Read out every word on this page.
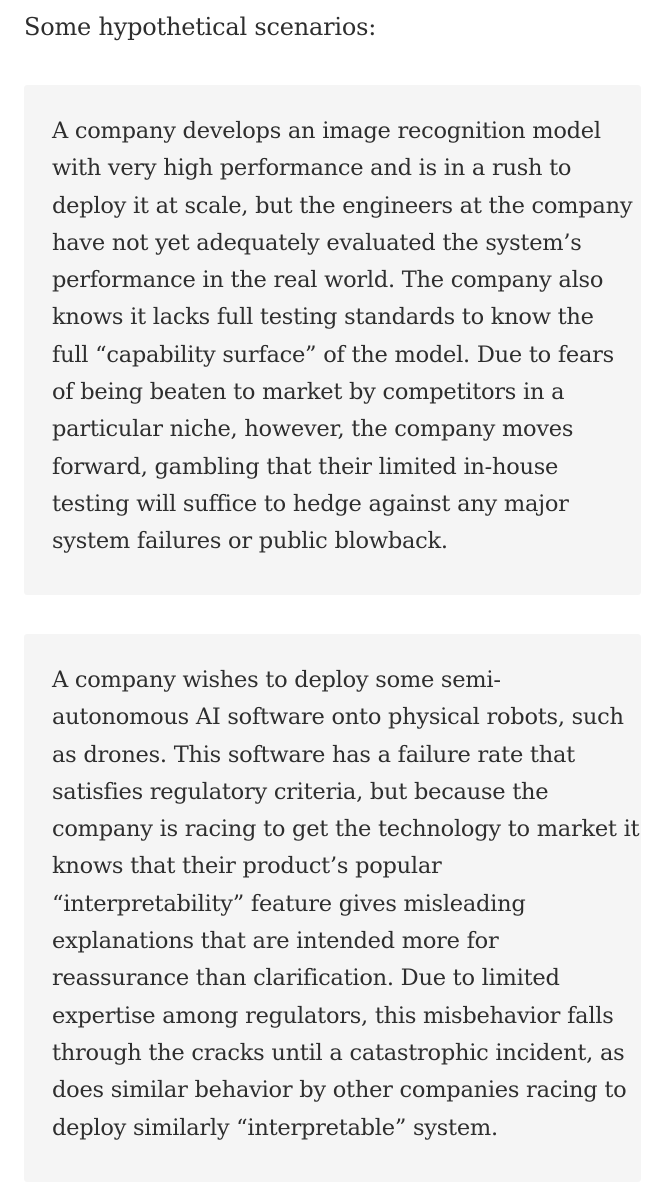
Some hypothetical scenarios:

A company develops an image recognition model
with very high performance and is in a rush to
deploy it at scale, but the engineers at the company
have not yet adequately evaluated the system’s
performance in the real world. The company also
knows it lacks full testing standards to know the
full “capability surface” of the model. Due to fears
of being beaten to market by competitors in a
particular niche, however, the company moves
forward, gambling that their limited in-house
testing will suffice to hedge against any major
system failures or public blowback.

A company wishes to deploy some semi-
autonomous AI software onto physical robots, such
as drones. This software has a failure rate that
satisfies regulatory criteria, but because the
company is racing to get the technology to market it
knows that their product’s popular
“interpretability” feature gives misleading
explanations that are intended more for
reassurance than clarification. Due to limited
expertise among regulators, this misbehavior falls
through the cracks until a catastrophic incident, as
does similar behavior by other companies racing to
deploy similarly “interpretable” system.
